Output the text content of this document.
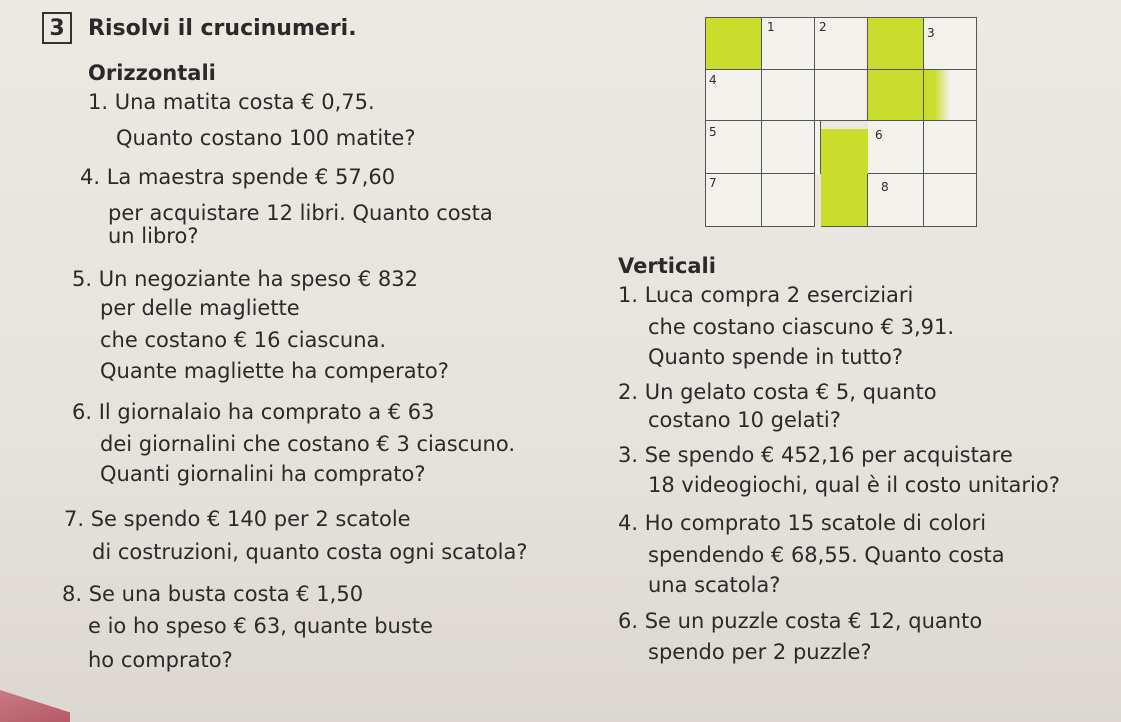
3	Risolvi il crucinumeri.
Orizzontali
1. Una matita costa € 0,75.
Quanto costano 100 matite?
4. La maestra spende € 57,60
per acquistare 12 libri. Quanto costa
un libro?
5. Un negoziante ha speso € 832
per delle magliette
che costano € 16 ciascuna.
Quante magliette ha comperato?
6. Il giornalaio ha comprato a € 63
dei giornalini che costano € 3 ciascuno.
Quanti giornalini ha comprato?
7. Se spendo € 140 per 2 scatole
di costruzioni, quanto costa ogni scatola?
8. Se una busta costa € 1,50
e io ho speso € 63, quante buste
ho comprato?
1	2	3
4
5	6
7	8
Verticali
1. Luca compra 2 eserciziari
che costano ciascuno € 3,91.
Quanto spende in tutto?
2. Un gelato costa € 5, quanto
costano 10 gelati?
3. Se spendo € 452,16 per acquistare
18 videogiochi, qual è il costo unitario?
4. Ho comprato 15 scatole di colori
spendendo € 68,55. Quanto costa
una scatola?
6. Se un puzzle costa € 12, quanto
spendo per 2 puzzle?
